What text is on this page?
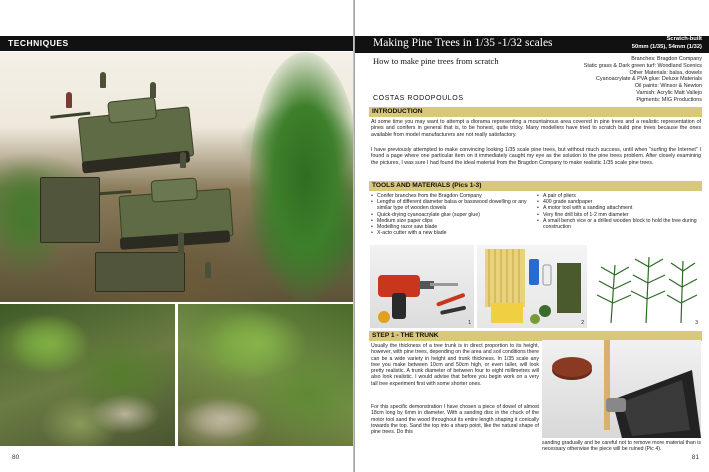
TECHNIQUES
80
Making Pine Trees in 1/35 -1/32 scales	Scratch-built
50mm (1/35), 54mm (1/32)
How to make pine trees from scratch	Branches: Bragdon Company
Static grass & Dark green turf: Woodland Scenics
Other Materials: balsa, dowels
Cyanoacrylate & PVA glue: Deluxe Materials
Oil paints: Winsor & Newton
Varnish: Acrylic Matt Vallejo
Pigments: MIG Productions
COSTAS RODOPOULOS
INTRODUCTION

At some time you may want to attempt a diorama representing a mountainous area covered in pine trees and a realistic representation of pines and conifers in general that is, to be honest, quite tricky. Many modellers have tried to scratch build pine trees because the ones available from model manufacturers are not really satisfactory.

I have previously attempted to make convincing looking 1/35 scale pine trees, but without much success, until when "surfing the Internet" I found a page where one particular item on it immediately caught my eye as the solution to the pine trees problem. After closely examining the pictures, I was sure I had found the ideal material from the Bragdon Company to make realistic 1/35 scale pine trees.

TOOLS AND MATERIALS (Pics 1-3)
• Conifer branches from the Bragdon Company
• Lengths of different diameter balsa or basswood dowelling or any similar type of wooden dowels
• Quick-drying cyanoacrylate glue (super glue)
• Medium size paper clips
• Modelling razor saw blade
• X-acto cutter with a new blade
• A pair of pliers
• 400 grade sandpaper
• A motor tool with a sanding attachment
• Very fine drill bits of 1-2 mm diameter
• A small bench vice or a drilled wooden block to hold the tree during construction
1	2	3
STEP 1 - THE TRUNK

Usually the thickness of a tree trunk is in direct proportion to its height, however, with pine trees, depending on the area and soil conditions there can be a wide variety in height and trunk thickness. In 1/35 scale any tree you make between 10cm and 50cm high, or even taller, will look pretty realistic. A trunk diameter of between four to eight millimetres will also look realistic. I would advise that before you begin work on a very tall tree experiment first with some shorter ones.

For this specific demonstration I have chosen a piece of dowel of almost 18cm long by 6mm in diameter. With a sanding disc in the chuck of the motor tool sand the wood throughout its entire length shaping it conically towards the top. Sand the top into a sharp point, like the natural shape of pine trees. Do this	4

sanding gradually and be careful not to remove more material than is necessary otherwise the piece will be ruined (Pic 4).

81
